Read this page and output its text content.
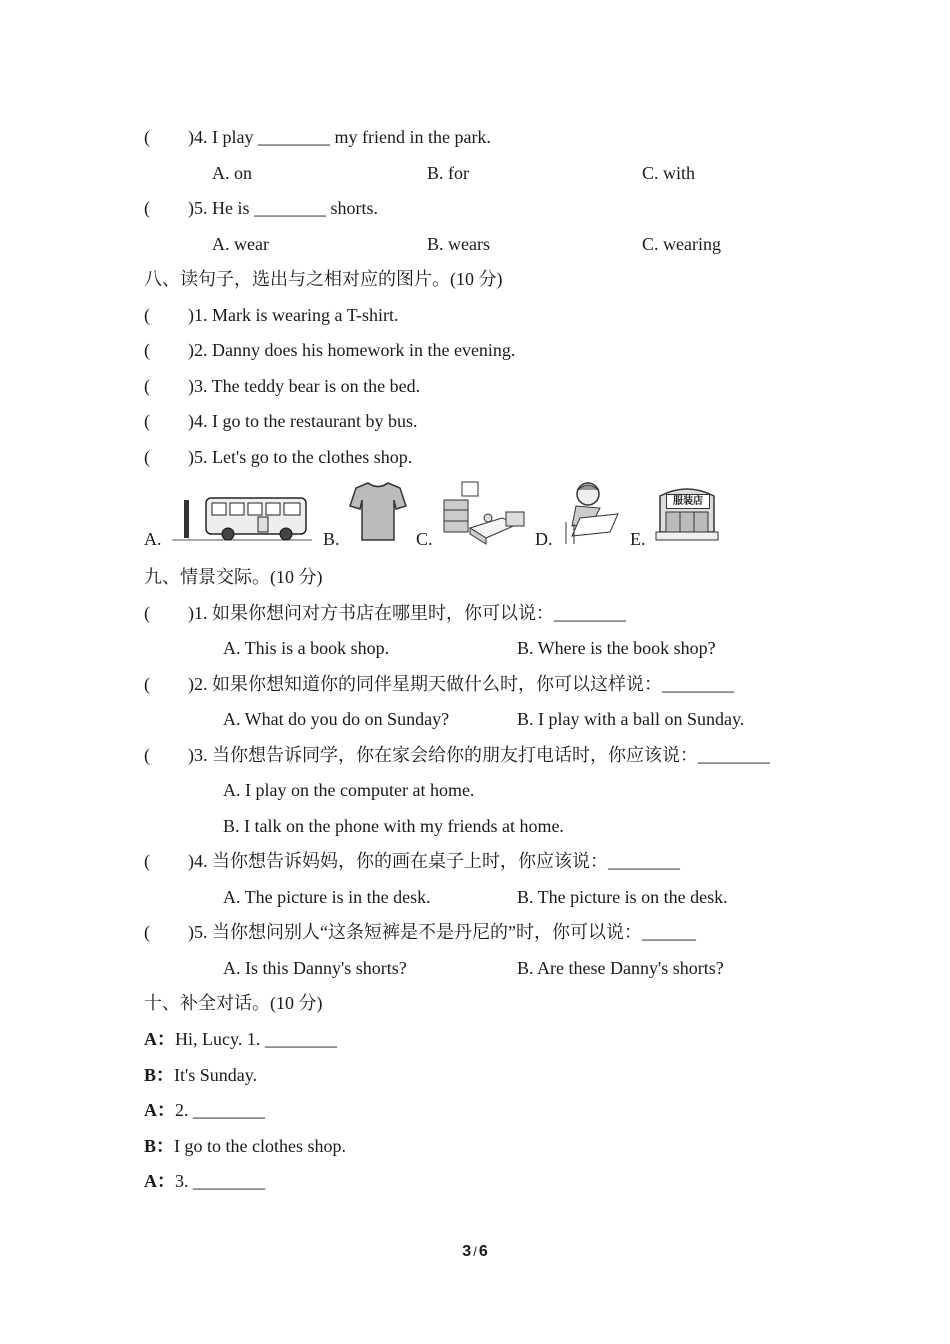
( )4. I play ________ my friend in the park.
A. on	B. for	C. with
( )5. He is ________ shorts.
A. wear	B. wears	C. wearing
八、读句子，选出与之相对应的图片。(10 分)
( )1. Mark is wearing a T-shirt.
( )2. Danny does his homework in the evening.
( )3. The teddy bear is on the bed.
( )4. I go to the restaurant by bus.
( )5. Let's go to the clothes shop.
A.	B.	C.	D.	E.
服装店
九、情景交际。(10 分)
( )1. 如果你想问对方书店在哪里时，你可以说：________
A. This is a book shop.	B. Where is the book shop?
( )2. 如果你想知道你的同伴星期天做什么时，你可以这样说：________
A. What do you do on Sunday?	B. I play with a ball on Sunday.
( )3. 当你想告诉同学，你在家会给你的朋友打电话时，你应该说：________
A. I play on the computer at home.
B. I talk on the phone with my friends at home.
( )4. 当你想告诉妈妈，你的画在桌子上时，你应该说：________
A. The picture is in the desk.	B. The picture is on the desk.
( )5. 当你想问别人“这条短裤是不是丹尼的”时，你可以说：______
A. Is this Danny's shorts?	B. Are these Danny's shorts?
十、补全对话。(10 分)
A：Hi, Lucy. 1. ________
B：It's Sunday.
A：2. ________
B：I go to the clothes shop.
A：3. ________
3 / 6
